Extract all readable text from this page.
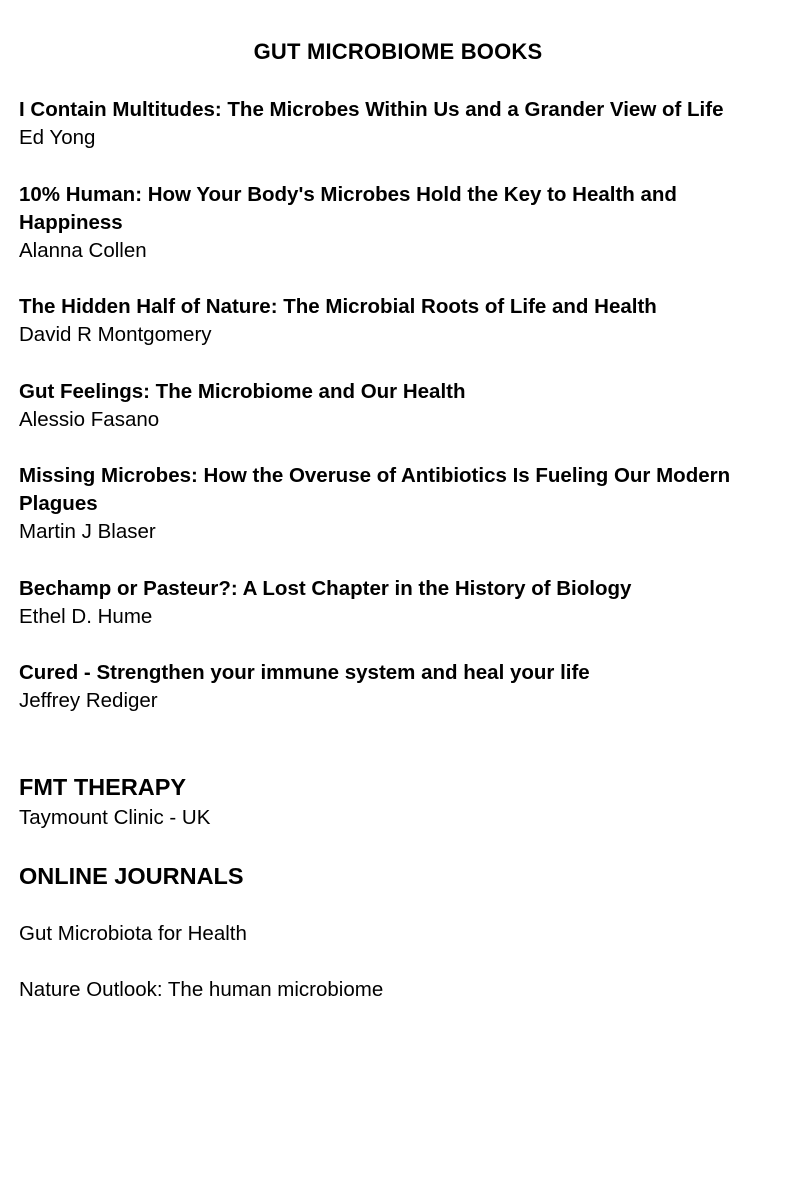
GUT MICROBIOME BOOKS
I Contain Multitudes: The Microbes Within Us and a Grander View of Life
Ed Yong
10% Human: How Your Body's Microbes Hold the Key to Health and Happiness
Alanna Collen
The Hidden Half of Nature: The Microbial Roots of Life and Health
David R Montgomery
Gut Feelings: The Microbiome and Our Health
Alessio Fasano
Missing Microbes: How the Overuse of Antibiotics Is Fueling Our Modern Plagues
Martin J Blaser
Bechamp or Pasteur?: A Lost Chapter in the History of Biology
Ethel D. Hume
Cured - Strengthen your immune system and heal your life
Jeffrey Rediger
FMT THERAPY
Taymount Clinic - UK
ONLINE JOURNALS
Gut Microbiota for Health
Nature Outlook: The human microbiome
